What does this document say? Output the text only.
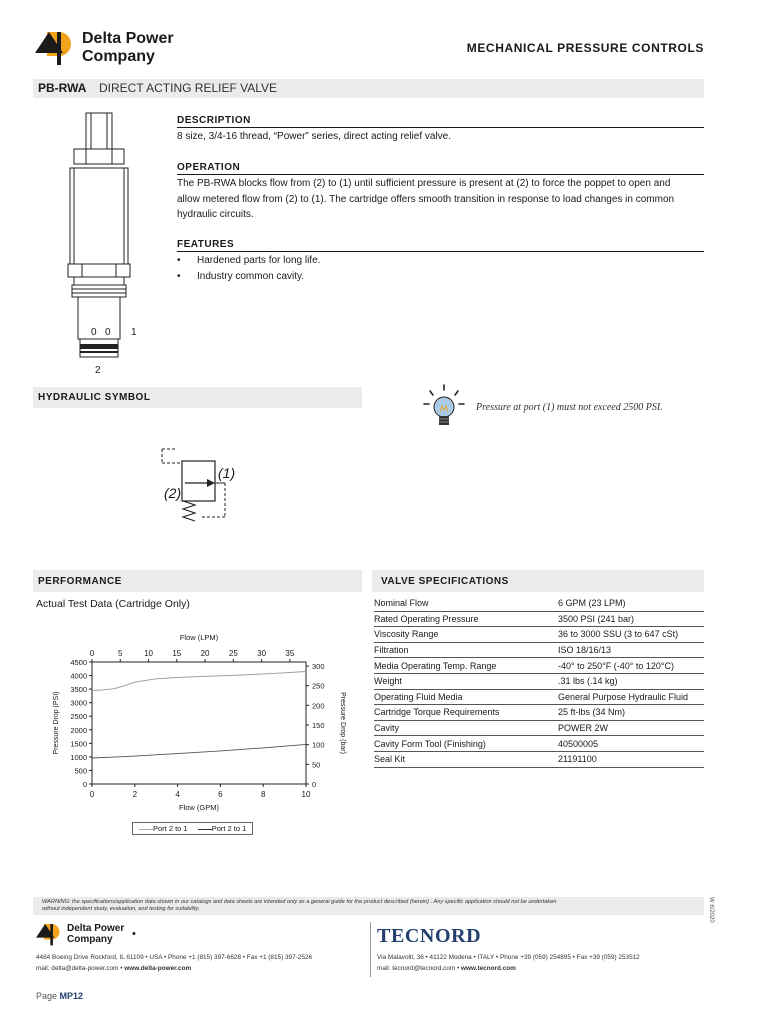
Delta Power
Company	MECHANICAL PRESSURE CONTROLS
PB-RWA DIRECT ACTING RELIEF VALVE
0 0 1
2
DESCRIPTION
8 size, 3/4-16 thread, “Power” series, direct acting relief valve.
OPERATION
The PB-RWA blocks flow from (2) to (1) until sufficient pressure is present at (2) to force the poppet to open and
allow metered flow from (2) to (1). The cartridge offers smooth transition in response to load changes in common
hydraulic circuits.
FEATURES
• Hardened parts for long life.
• Industry common cavity.
HYDRAULIC SYMBOL
(1)
(2)
Pressure at port (1) must not exceed 2500 PSI.
PERFORMANCE
Actual Test Data (Cartridge Only)
0	2	4	6	8	10
0
500
1000
1500
2000
2500
3000
3500
4000
4500
0	5	10 15 20 25 30 35
0
50
100
150
200
250
300
Flow (GPM)
Flow (LPM)
Pressure Drop (PSI)	Pressure Drop (bar)
Port 2 to 1	Port 2 to 1
VALVE SPECIFICATIONS
Nominal Flow	6 GPM (23 LPM)
Rated Operating Pressure	3500 PSI (241 bar)
Viscosity Range	36 to 3000 SSU (3 to 647 cSt)
Filtration	ISO 18/16/13
Media Operating Temp. Range	-40° to 250°F (-40° to 120°C)
Weight	.31 lbs (.14 kg)
Operating Fluid Media	General Purpose Hydraulic Fluid
Cartridge Torque Requirements	25 ft-lbs (34 Nm)
Cavity	POWER 2W
Cavity Form Tool (Finishing)	40500005
Seal Kit	21191100
WARNING: the specifications/application data shown in our catalogs and data sheets are intended only as a general guide for the product described (herein) . Any specific application should not be undertaken
without independent study, evaluation, and testing for suitability.	W 6/2020
Delta Power
Company •
4484 Boeing Drive Rockford, IL 61109 • USA • Phone +1 (815) 397-6628 • Fax +1 (815) 397-2526
mail: delta@delta-power.com • www.delta-power.com
TECNORD
Via Malavolti, 36 • 41122 Modena • ITALY • Phone +39 (059) 254895 • Fax +39 (059) 253512
mail: tecnord@tecnord.com • www.tecnord.com
Page MP12
